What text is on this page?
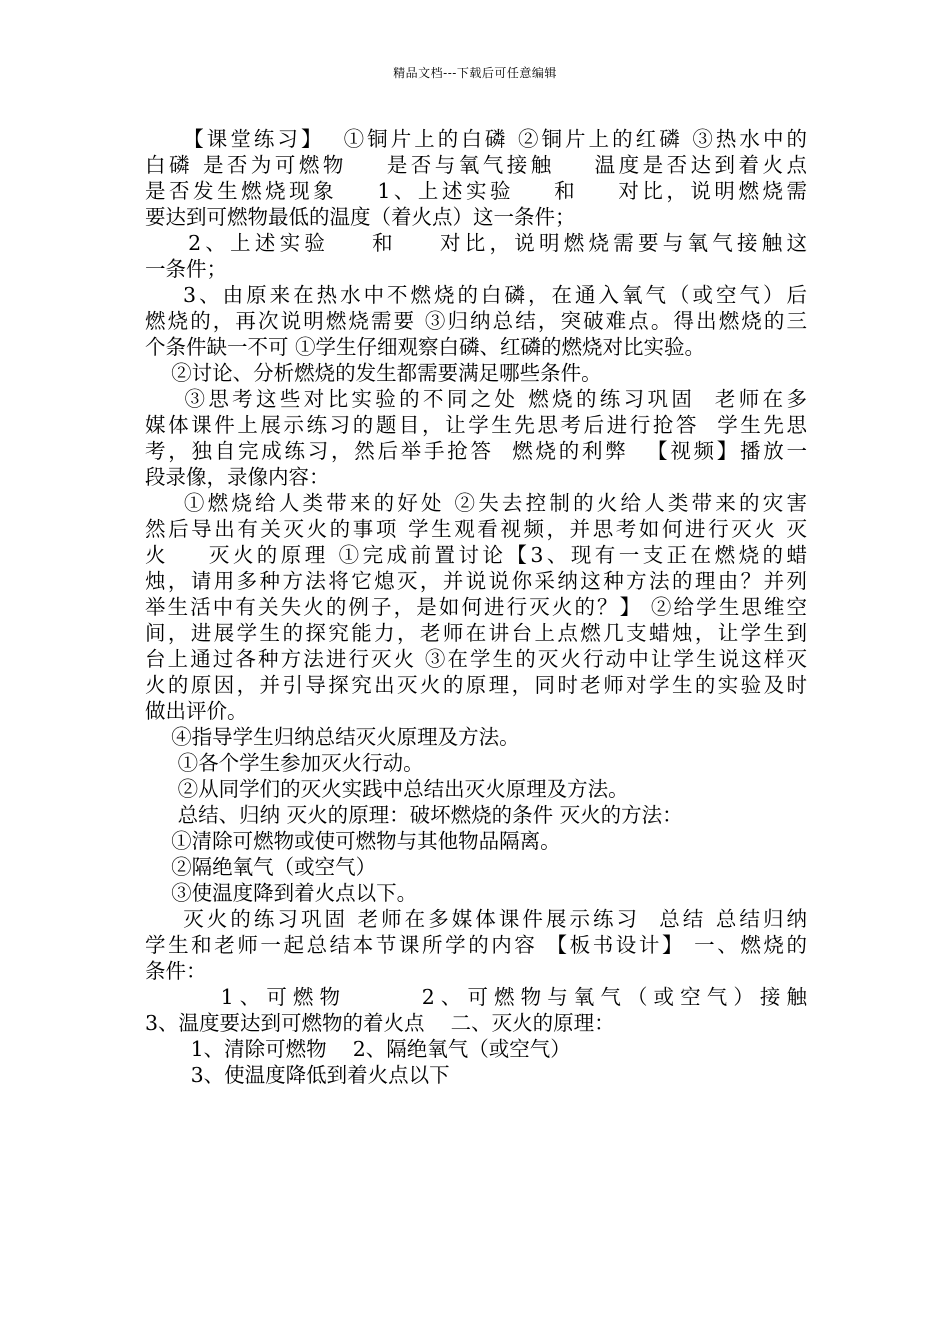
精品文档---下载后可任意编辑

【课堂练习】  ①铜片上的白磷 ②铜片上的红磷 ③热水中的

白磷 是否为可燃物    是否与氧气接触    温度是否达到着火点

是否发生燃烧现象    1、上述实验    和    对比，说明燃烧需

要达到可燃物最低的温度（着火点）这一条件；

2、上述实验    和    对比，说明燃烧需要与氧气接触这

一条件；

3、由原来在热水中不燃烧的白磷，在通入氧气（或空气）后

燃烧的，再次说明燃烧需要 ③归纳总结，突破难点。得出燃烧的三

个条件缺一不可 ①学生仔细观察白磷、红磷的燃烧对比实验。

②讨论、分析燃烧的发生都需要满足哪些条件。

③思考这些对比实验的不同之处 燃烧的练习巩固  老师在多

媒体课件上展示练习的题目，让学生先思考后进行抢答  学生先思

考，独自完成练习，然后举手抢答  燃烧的利弊  【视频】播放一

段录像，录像内容：

①燃烧给人类带来的好处 ②失去控制的火给人类带来的灾害

然后导出有关灭火的事项 学生观看视频，并思考如何进行灭火 灭

火    灭火的原理 ①完成前置讨论【3、现有一支正在燃烧的蜡

烛，请用多种方法将它熄灭，并说说你采纳这种方法的理由？并列

举生活中有关失火的例子，是如何进行灭火的？】 ②给学生思维空

间，进展学生的探究能力，老师在讲台上点燃几支蜡烛，让学生到

台上通过各种方法进行灭火 ③在学生的灭火行动中让学生说这样灭

火的原因，并引导探究出灭火的原理，同时老师对学生的实验及时

做出评价。

④指导学生归纳总结灭火原理及方法。

①各个学生参加灭火行动。

②从同学们的灭火实践中总结出灭火原理及方法。

总结、归纳 灭火的原理：破坏燃烧的条件 灭火的方法：

①清除可燃物或使可燃物与其他物品隔离。

②隔绝氧气（或空气）

③使温度降到着火点以下。

灭火的练习巩固 老师在多媒体课件展示练习  总结 总结归纳

学生和老师一起总结本节课所学的内容 【板书设计】 一、燃烧的

条件：

1、可燃物      2、可燃物与氧气（或空气）接触

3、温度要达到可燃物的着火点    二、灭火的原理：

1、清除可燃物    2、隔绝氧气（或空气）

3、使温度降低到着火点以下
